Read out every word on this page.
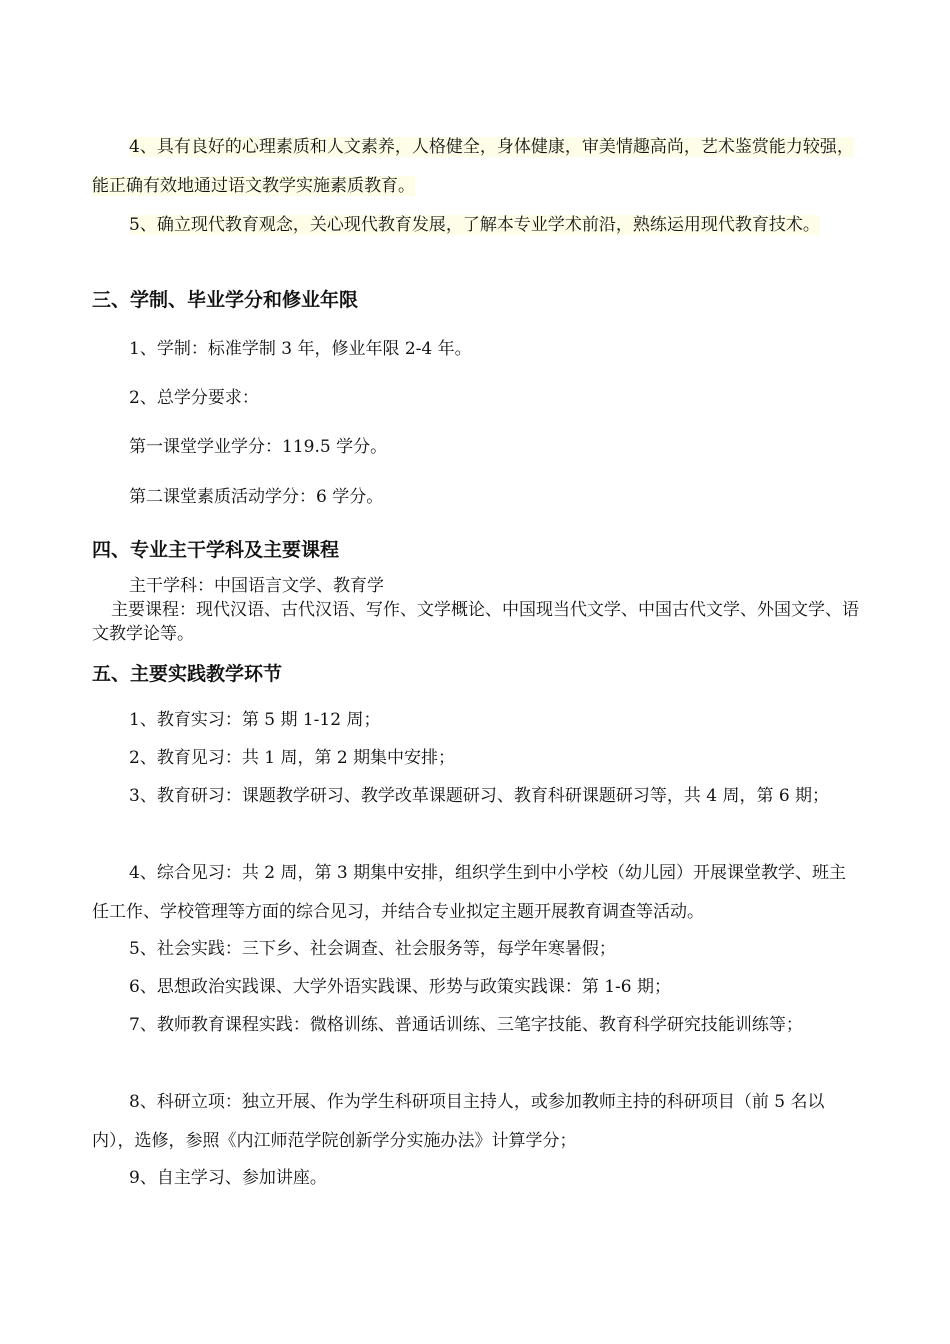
4、具有良好的心理素质和人文素养，人格健全，身体健康，审美情趣高尚，艺术鉴赏能力较强，能正确有效地通过语文教学实施素质教育。

5、确立现代教育观念，关心现代教育发展，了解本专业学术前沿，熟练运用现代教育技术。

三、学制、毕业学分和修业年限

1、学制：标准学制 3 年，修业年限 2-4 年。

2、总学分要求：

第一课堂学业学分：119.5 学分。

第二课堂素质活动学分：6 学分。

四、专业主干学科及主要课程

主干学科：中国语言文学、教育学

主要课程：现代汉语、古代汉语、写作、文学概论、中国现当代文学、中国古代文学、外国文学、语文教学论等。

五、主要实践教学环节

1、教育实习：第 5 期 1-12 周；

2、教育见习：共 1 周，第 2 期集中安排；

3、教育研习：课题教学研习、教学改革课题研习、教育科研课题研习等，共 4 周，第 6 期；

4、综合见习：共 2 周，第 3 期集中安排，组织学生到中小学校（幼儿园）开展课堂教学、班主任工作、学校管理等方面的综合见习，并结合专业拟定主题开展教育调查等活动。

5、社会实践：三下乡、社会调查、社会服务等，每学年寒暑假；

6、思想政治实践课、大学外语实践课、形势与政策实践课：第 1-6 期；

7、教师教育课程实践：微格训练、普通话训练、三笔字技能、教育科学研究技能训练等；

8、科研立项：独立开展、作为学生科研项目主持人，或参加教师主持的科研项目（前 5 名以内），选修，参照《内江师范学院创新学分实施办法》计算学分；

9、自主学习、参加讲座。
